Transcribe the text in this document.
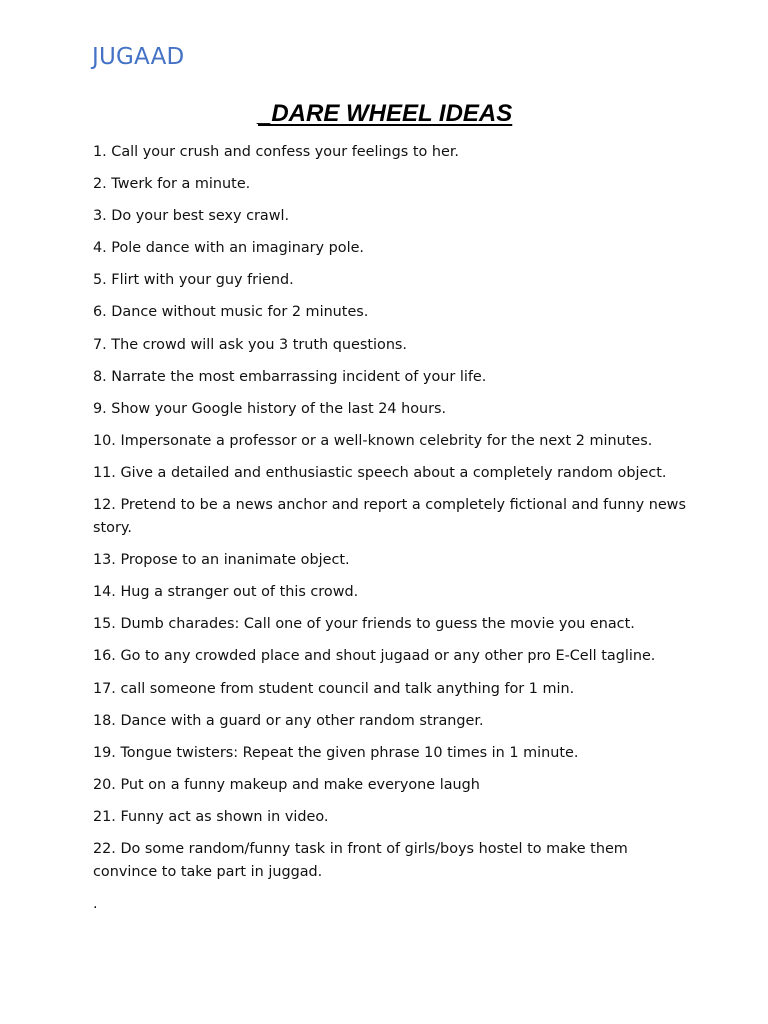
JUGAAD
_DARE WHEEL IDEAS
1. Call your crush and confess your feelings to her.
2. Twerk for a minute.
3. Do your best sexy crawl.
4. Pole dance with an imaginary pole.
5. Flirt with your guy friend.
6. Dance without music for 2 minutes.
7. The crowd will ask you 3 truth questions.
8. Narrate the most embarrassing incident of your life.
9. Show your Google history of the last 24 hours.
10. Impersonate a professor or a well-known celebrity for the next 2 minutes.
11. Give a detailed and enthusiastic speech about a completely random object.
12. Pretend to be a news anchor and report a completely fictional and funny news story.
13. Propose to an inanimate object.
14. Hug a stranger out of this crowd.
15. Dumb charades: Call one of your friends to guess the movie you enact.
16. Go to any crowded place and shout jugaad or any other pro E-Cell tagline.
17. call someone from student council and talk anything for 1 min.
18. Dance with a guard or any other random stranger.
19. Tongue twisters: Repeat the given phrase 10 times in 1 minute.
20. Put on a funny makeup and make everyone laugh
21. Funny act as shown in video.
22. Do some random/funny task in front of girls/boys hostel to make them convince to take part in juggad.
.
